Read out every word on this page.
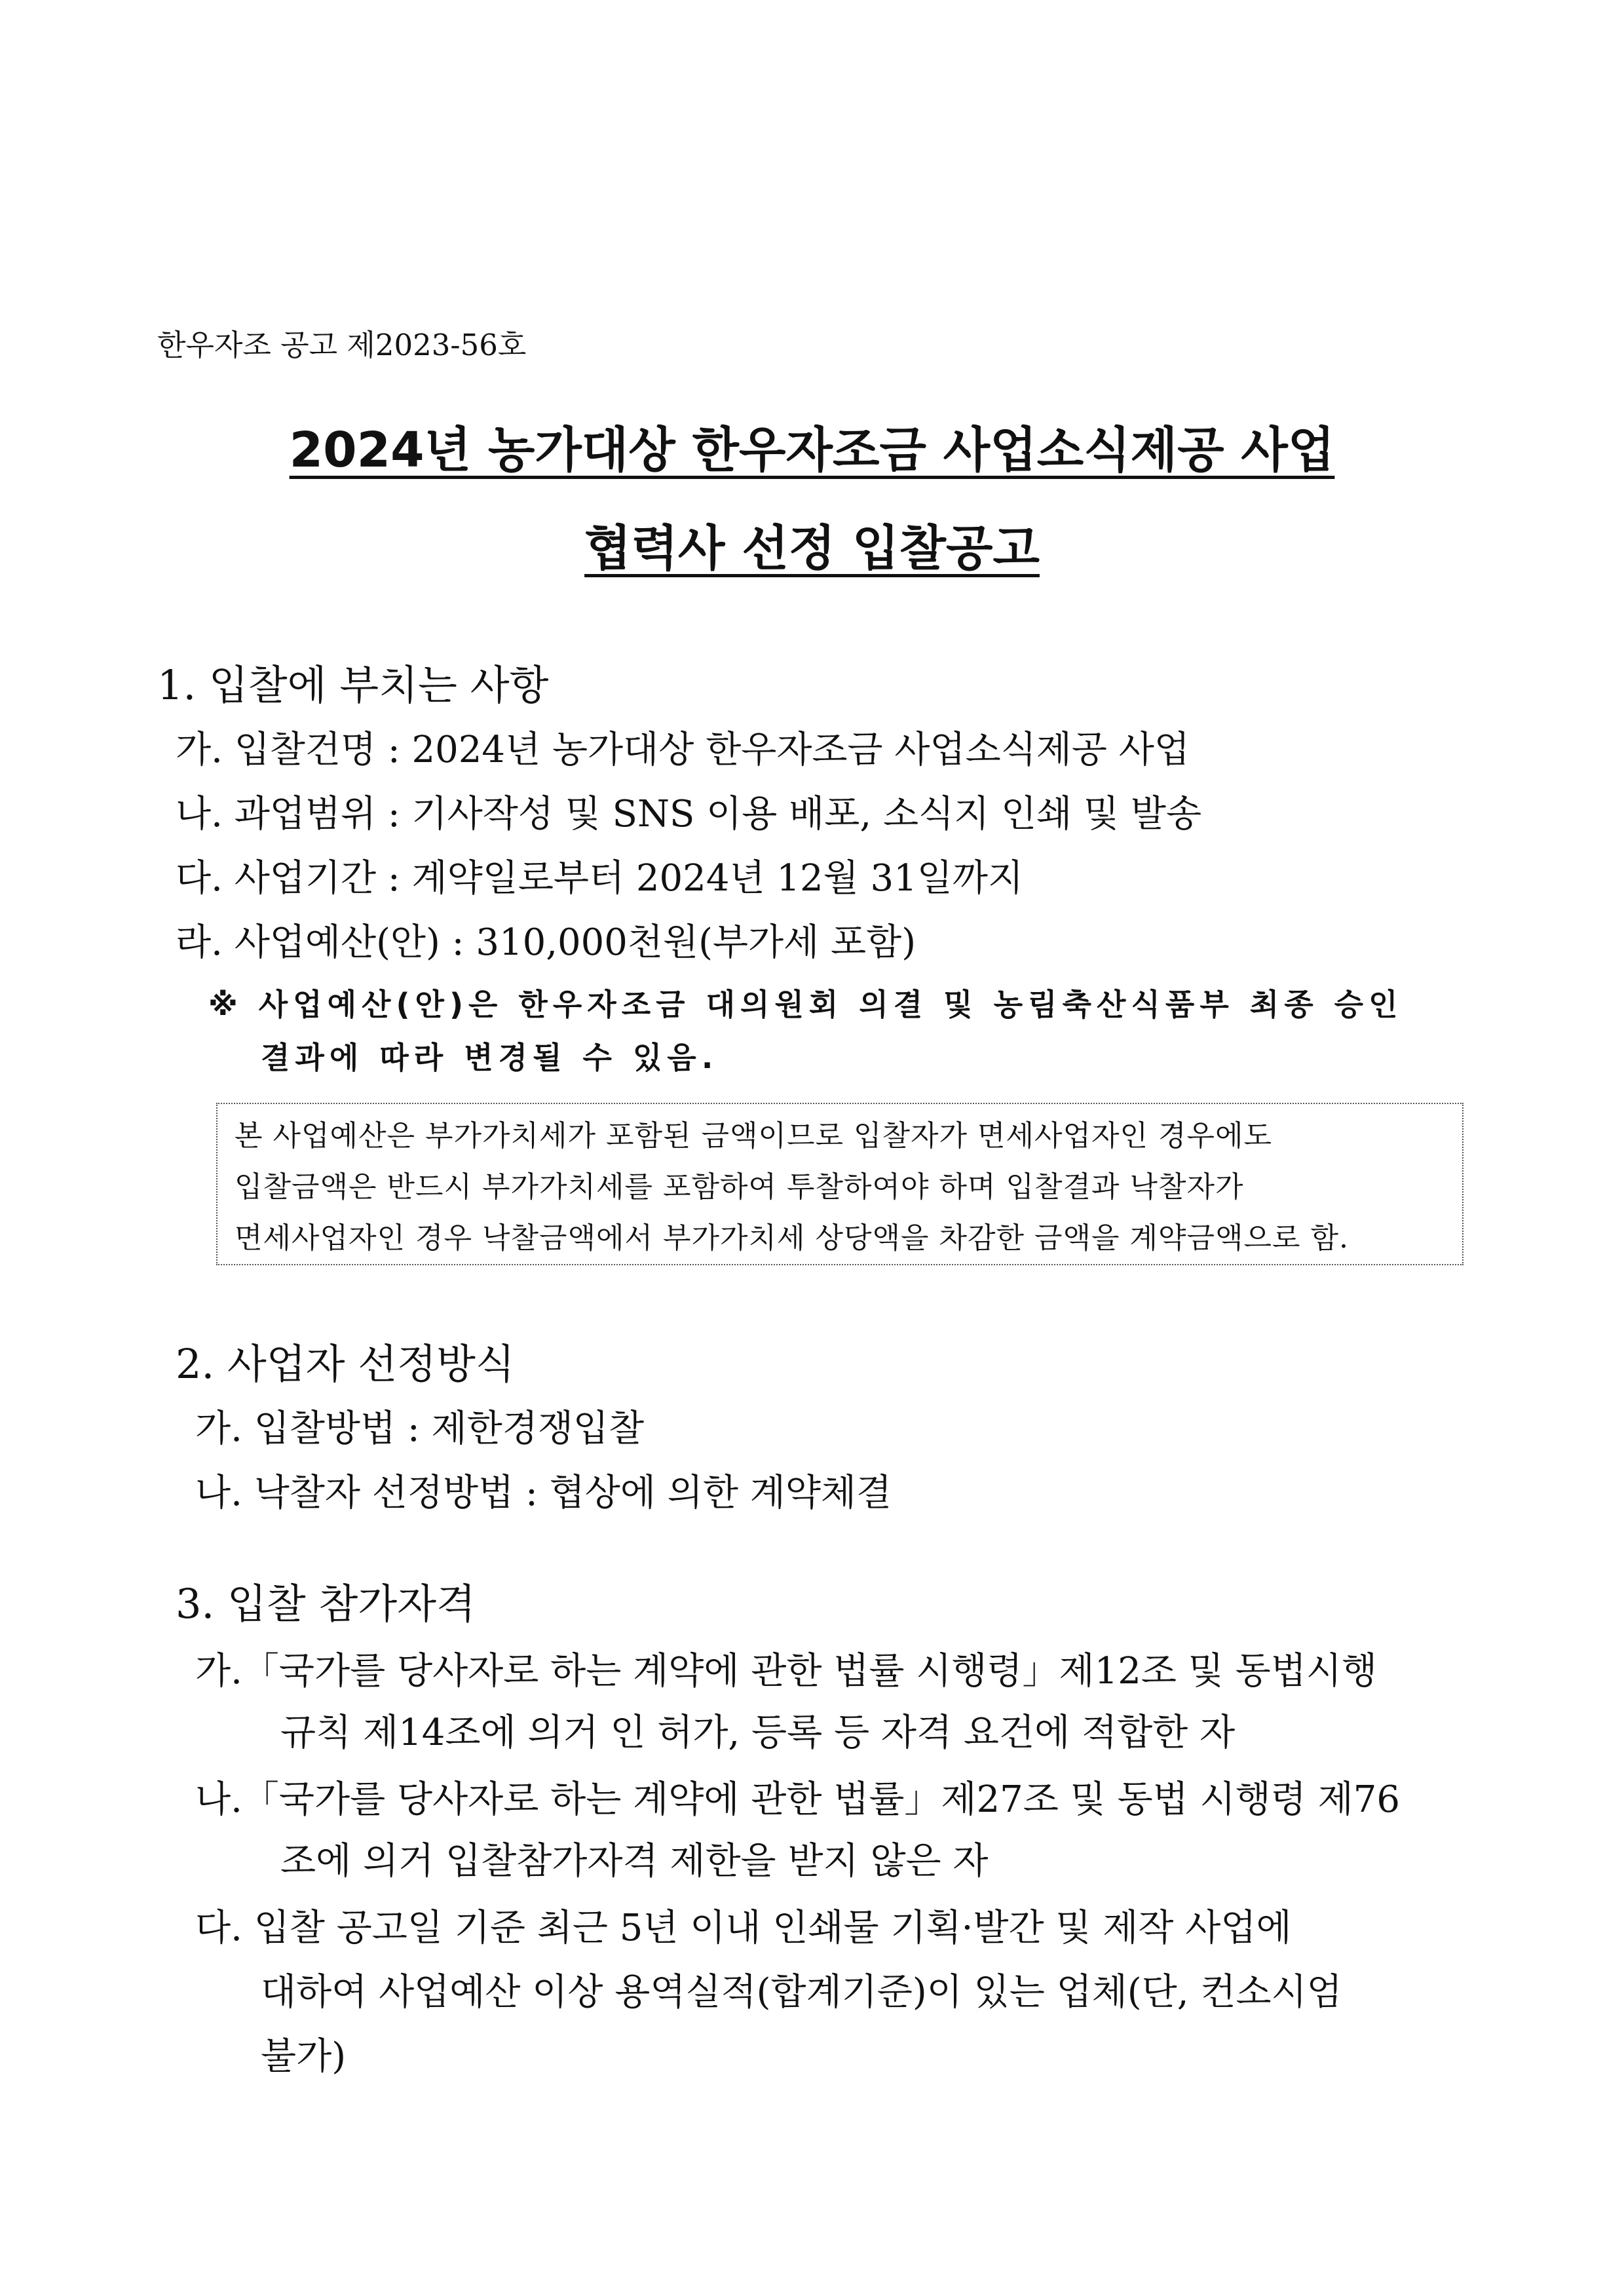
한우자조 공고 제2023-56호
2024년 농가대상 한우자조금 사업소식제공 사업
협력사 선정 입찰공고
1. 입찰에 부치는 사항
가. 입찰건명 : 2024년 농가대상 한우자조금 사업소식제공 사업
나. 과업범위 : 기사작성 및 SNS 이용 배포, 소식지 인쇄 및 발송
다. 사업기간 : 계약일로부터 2024년 12월 31일까지
라. 사업예산(안) : 310,000천원(부가세 포함)
※ 사업예산(안)은 한우자조금 대의원회 의결 및 농림축산식품부 최종 승인
결과에 따라 변경될 수 있음.
본 사업예산은 부가가치세가 포함된 금액이므로 입찰자가 면세사업자인 경우에도
입찰금액은 반드시 부가가치세를 포함하여 투찰하여야 하며 입찰결과 낙찰자가
면세사업자인 경우 낙찰금액에서 부가가치세 상당액을 차감한 금액을 계약금액으로 함.
2. 사업자 선정방식
가. 입찰방법 : 제한경쟁입찰
나. 낙찰자 선정방법 : 협상에 의한 계약체결
3. 입찰 참가자격
가.「국가를 당사자로 하는 계약에 관한 법률 시행령」제12조 및 동법시행
규칙 제14조에 의거 인 허가, 등록 등 자격 요건에 적합한 자
나.「국가를 당사자로 하는 계약에 관한 법률」제27조 및 동법 시행령 제76
조에 의거 입찰참가자격 제한을 받지 않은 자
다. 입찰 공고일 기준 최근 5년 이내 인쇄물 기획·발간 및 제작 사업에
대하여 사업예산 이상 용역실적(합계기준)이 있는 업체(단, 컨소시엄
불가)
